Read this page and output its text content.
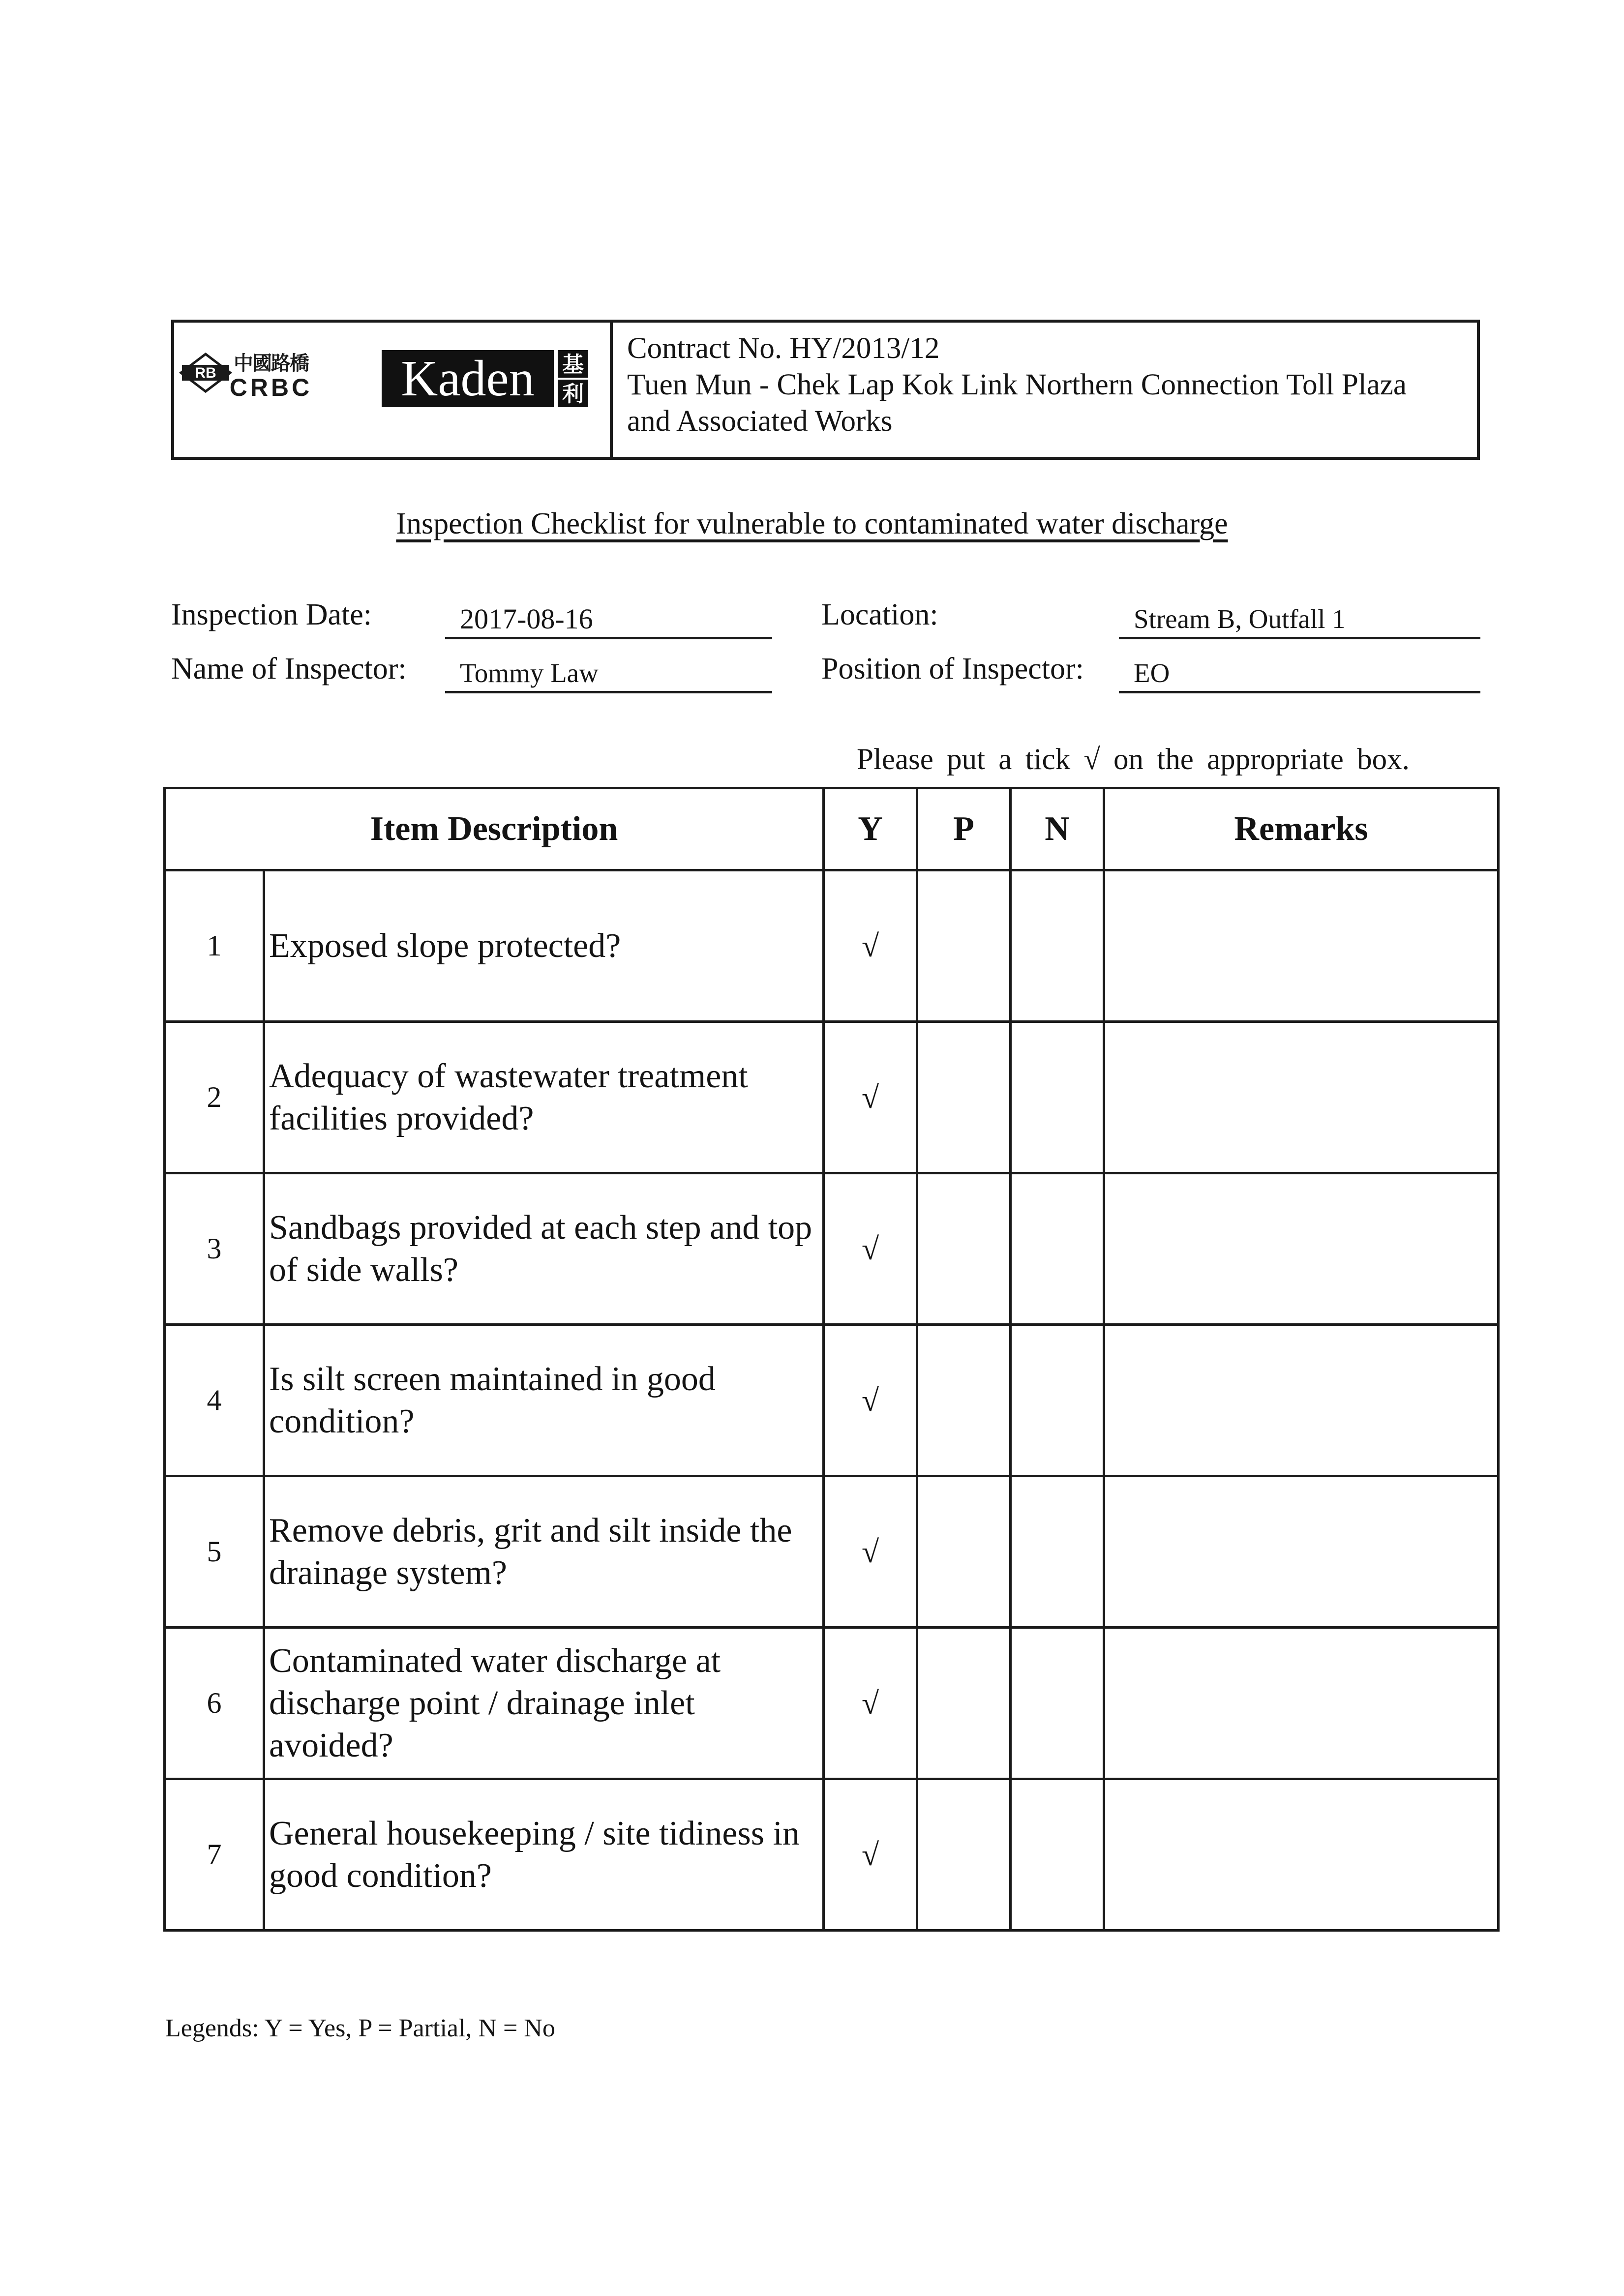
RB 中國路橋
CRBC Kaden 基
利
Contract No. HY/2013/12
Tuen Mun - Chek Lap Kok Link Northern Connection Toll Plaza
and Associated Works
Inspection Checklist for vulnerable to contaminated water discharge
Inspection Date:	2017-08-16	Location:	Stream B, Outfall 1
Name of Inspector:	Tommy Law	Position of Inspector:	EO
Please put a tick √ on the appropriate box.
Item Description		Y	P	N	Remarks
1	Exposed slope protected?	√			
2	Adequacy of wastewater treatment facilities provided?	√			
3	Sandbags provided at each step and top of side walls?	√			
4	Is silt screen maintained in good condition?	√			
5	Remove debris, grit and silt inside the drainage system?	√			
6	Contaminated water discharge at discharge point / drainage inlet avoided?	√			
7	General housekeeping / site tidiness in good condition?	√			
Legends: Y = Yes, P = Partial, N = No
